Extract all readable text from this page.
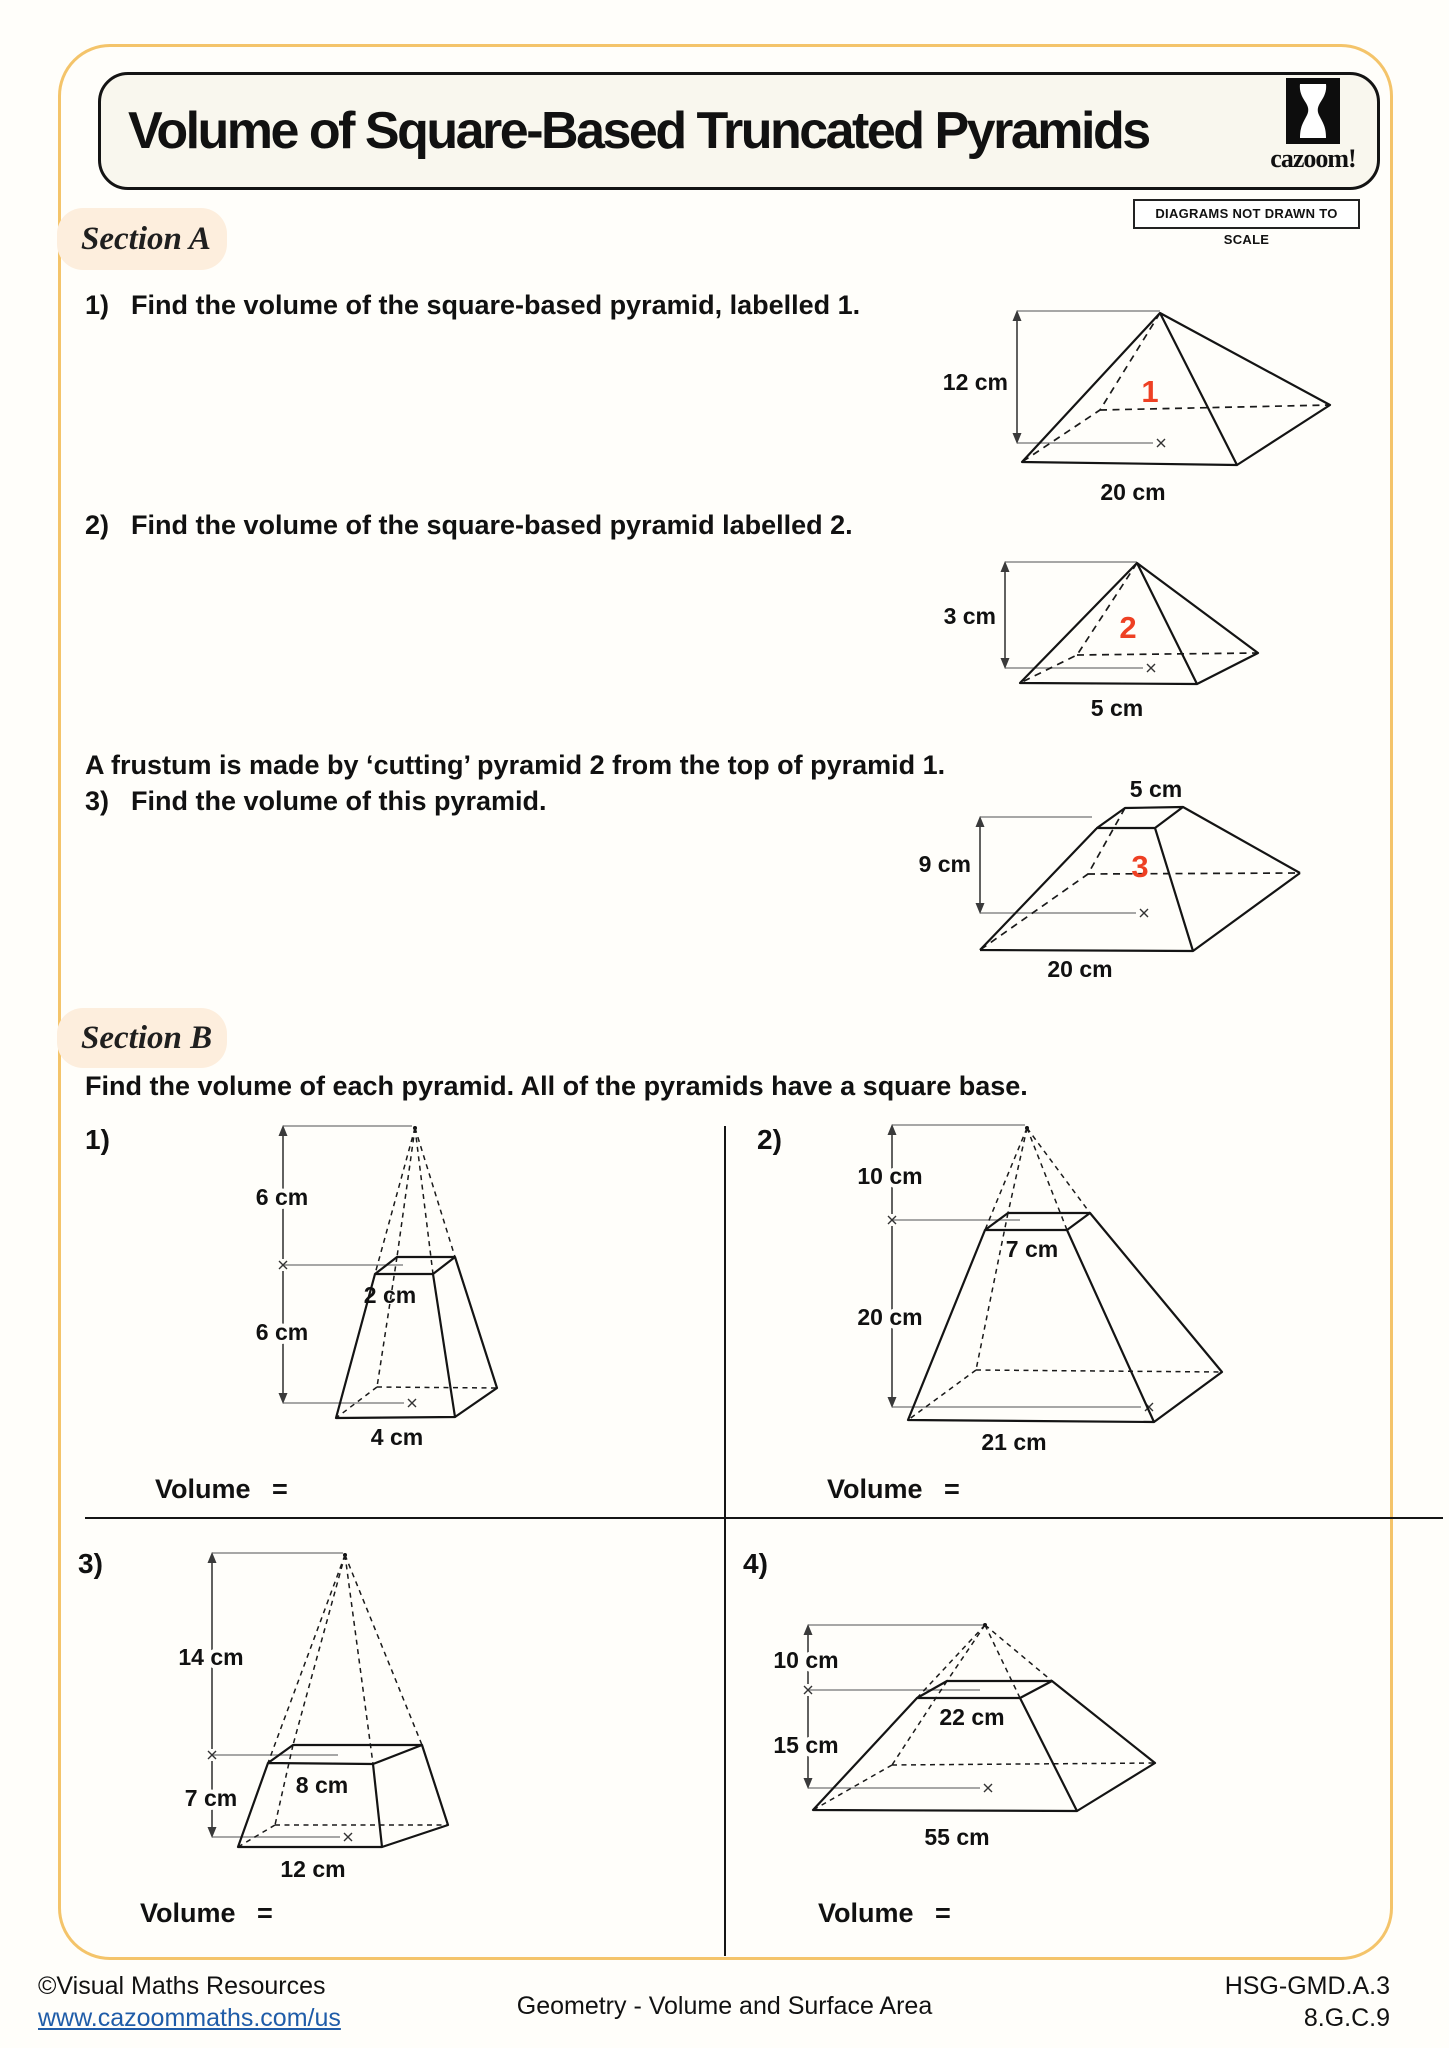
Volume of Square-Based Truncated Pyramids	cazoom!
DIAGRAMS NOT DRAWN TO SCALE
Section A
1) Find the volume of the square-based pyramid, labelled 1.
12 cm	1
20 cm
2) Find the volume of the square-based pyramid labelled 2.
3 cm	2
5 cm
A frustum is made by ‘cutting’ pyramid 2 from the top of pyramid 1.
3) Find the volume of this pyramid.	5 cm
9 cm	3
20 cm
Section B
Find the volume of each pyramid. All of the pyramids have a square base.
1)	2)
3)	4)
6 cm
6 cm
2 cm
4 cm
Volume =
10 cm
20 cm
7 cm
21 cm
Volume =
14 cm
7 cm	8 cm
12 cm
Volume =
10 cm
15 cm
22 cm
55 cm
Volume =
©Visual Maths Resources
www.cazoommaths.com/us	Geometry - Volume and Surface Area
HSG-GMD.A.3
8.G.C.9
